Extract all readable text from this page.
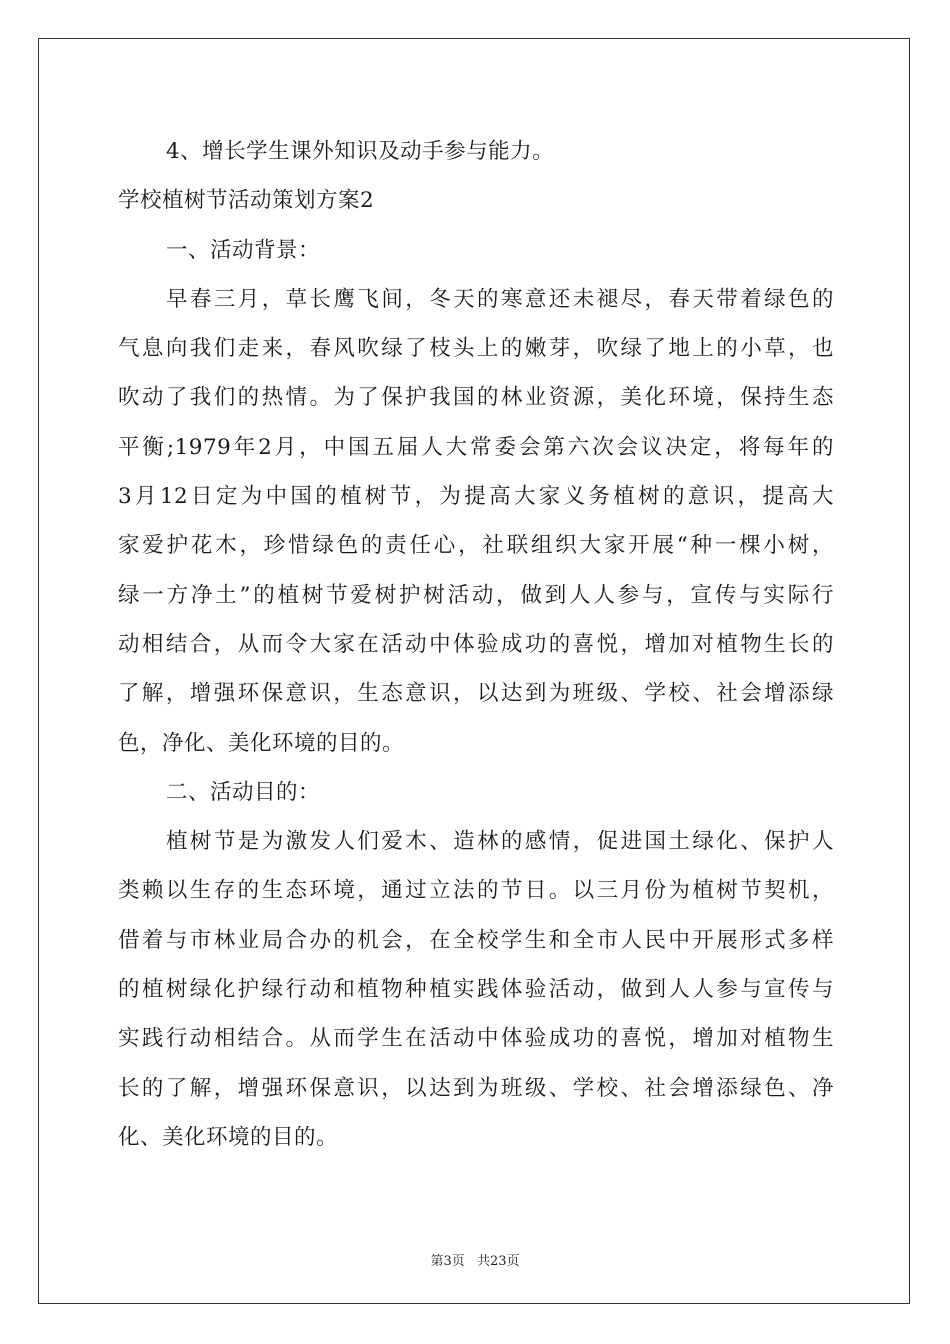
4、增长学生课外知识及动手参与能力。
学校植树节活动策划方案2
一、活动背景：
早春三月，草长鹰飞间，冬天的寒意还未褪尽，春天带着绿色的
气息向我们走来，春风吹绿了枝头上的嫩芽，吹绿了地上的小草，也
吹动了我们的热情。为了保护我国的林业资源，美化环境，保持生态
平衡;1979年2月，中国五届人大常委会第六次会议决定，将每年的
3月12日定为中国的植树节，为提高大家义务植树的意识，提高大
家爱护花木，珍惜绿色的责任心，社联组织大家开展“种一棵小树，
绿一方净土”的植树节爱树护树活动，做到人人参与，宣传与实际行
动相结合，从而令大家在活动中体验成功的喜悦，增加对植物生长的
了解，增强环保意识，生态意识，以达到为班级、学校、社会增添绿
色，净化、美化环境的目的。
二、活动目的：
植树节是为激发人们爱木、造林的感情，促进国土绿化、保护人
类赖以生存的生态环境，通过立法的节日。以三月份为植树节契机，
借着与市林业局合办的机会，在全校学生和全市人民中开展形式多样
的植树绿化护绿行动和植物种植实践体验活动，做到人人参与宣传与
实践行动相结合。从而学生在活动中体验成功的喜悦，增加对植物生
长的了解，增强环保意识，以达到为班级、学校、社会增添绿色、净
化、美化环境的目的。
第3页 共23页
